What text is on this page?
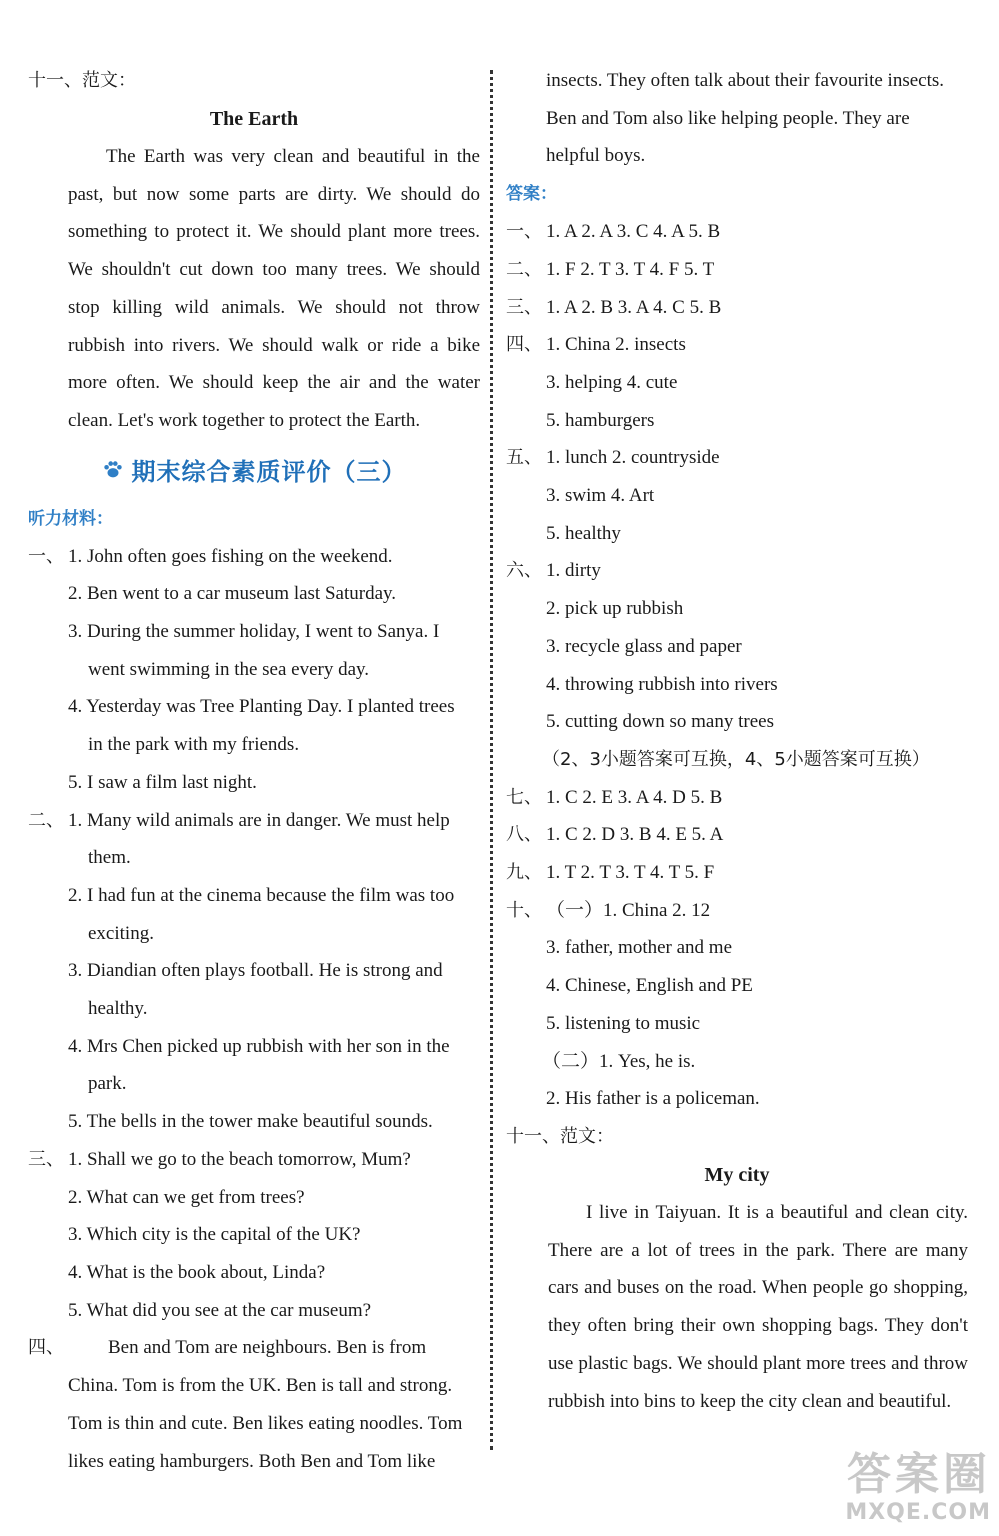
十一、范文：
The Earth
The Earth was very clean and beautiful in the past, but now some parts are dirty. We should do something to protect it. We should plant more trees. We shouldn't cut down too many trees. We should stop killing wild animals. We should not throw rubbish into rivers. We should walk or ride a bike more often. We should keep the air and the water clean. Let's work together to protect the Earth.
期末综合素质评价（三）
听力材料：
一、 1. John often goes fishing on the weekend.
2. Ben went to a car museum last Saturday.
3. During the summer holiday, I went to Sanya. I
went swimming in the sea every day.
4. Yesterday was Tree Planting Day. I planted trees
in the park with my friends.
5. I saw a film last night.
二、 1. Many wild animals are in danger. We must help
them.
2. I had fun at the cinema because the film was too
exciting.
3. Diandian often plays football. He is strong and
healthy.
4. Mrs Chen picked up rubbish with her son in the
park.
5. The bells in the tower make beautiful sounds.
三、 1. Shall we go to the beach tomorrow, Mum?
2. What can we get from trees?
3. Which city is the capital of the UK?
4. What is the book about, Linda?
5. What did you see at the car museum?
四、 Ben and Tom are neighbours. Ben is from
China. Tom is from the UK. Ben is tall and strong.
Tom is thin and cute. Ben likes eating noodles. Tom
likes eating hamburgers. Both Ben and Tom like
insects. They often talk about their favourite insects.
Ben and Tom also like helping people. They are
helpful boys.
答案：
一、 1. A 2. A 3. C 4. A 5. B
二、 1. F 2. T 3. T 4. F 5. T
三、 1. A 2. B 3. A 4. C 5. B
四、 1. China 2. insects
3. helping 4. cute
5. hamburgers
五、 1. lunch 2. countryside
3. swim 4. Art
5. healthy
六、 1. dirty
2. pick up rubbish
3. recycle glass and paper
4. throwing rubbish into rivers
5. cutting down so many trees
（2、3小题答案可互换，4、5小题答案可互换）
七、 1. C 2. E 3. A 4. D 5. B
八、 1. C 2. D 3. B 4. E 5. A
九、 1. T 2. T 3. T 4. T 5. F
十、 （一）1. China 2. 12
3. father, mother and me
4. Chinese, English and PE
5. listening to music
（二）1. Yes, he is.
2. His father is a policeman.
十一、范文：
My city
I live in Taiyuan. It is a beautiful and clean city. There are a lot of trees in the park. There are many cars and buses on the road. When people go shopping, they often bring their own shopping bags. They don't use plastic bags. We should plant more trees and throw rubbish into bins to keep the city clean and beautiful.
答案圈
MXQE.COM
